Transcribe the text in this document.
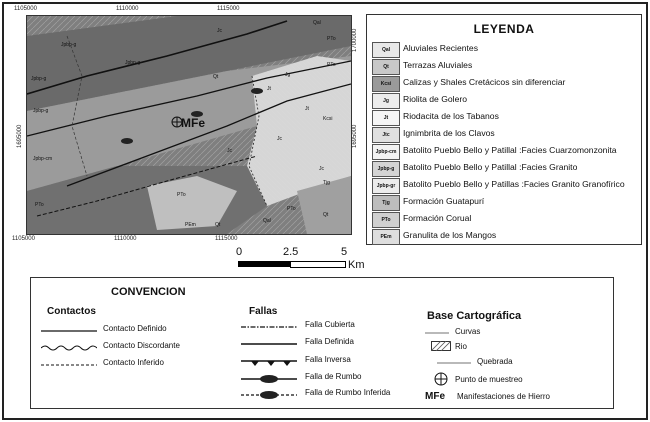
1105000	1110000	1115000
1105000	1110000	1115000
1700000
1695000
1695000
MFe
Qal
Jpbp-g
Jpbp-g
Jpbp-g
Jpbp-cm
PTo
PTo
PTo
PTo
PTo
Jt
Jt
Jc
Jc
Jc
Jg
Kcsi
Qt
Qt
Qt
Qal
Tjg
PEm
Jpbp-g
Jc
0	2.5	5
Km
LEYENDA
Qal	Aluviales Recientes
Qt	Terrazas Aluviales
Kcsi	Calizas y Shales Cretácicos sin diferenciar
Jg	Riolita de Golero
Jt	Riodacita de los Tabanos
Jtc	Ignimbrita de los Clavos
Jpbp-cm Batolito Pueblo Bello y Patillal :Facies Cuarzomonzonita
Jpbp-g	Batolito Pueblo Bello y Patillal :Facies Granito
Jpbp-gr Batolito Pueblo Bello y Patillas :Facies Granito Granofírico
Tjg	Formación Guatapurí
PTo	Formación Corual
PEm	Granulita de los Mangos
CONVENCION
Contactos
Contacto Definido
Contacto Discordante
Contacto Inferido
Fallas
Falla Cubierta
Falla Definida
Falla Inversa
Falla de Rumbo
Falla de Rumbo Inferida
Base Cartográfica
Curvas
Rio
Quebrada
Punto de muestreo
MFe Manifestaciones de Hierro
